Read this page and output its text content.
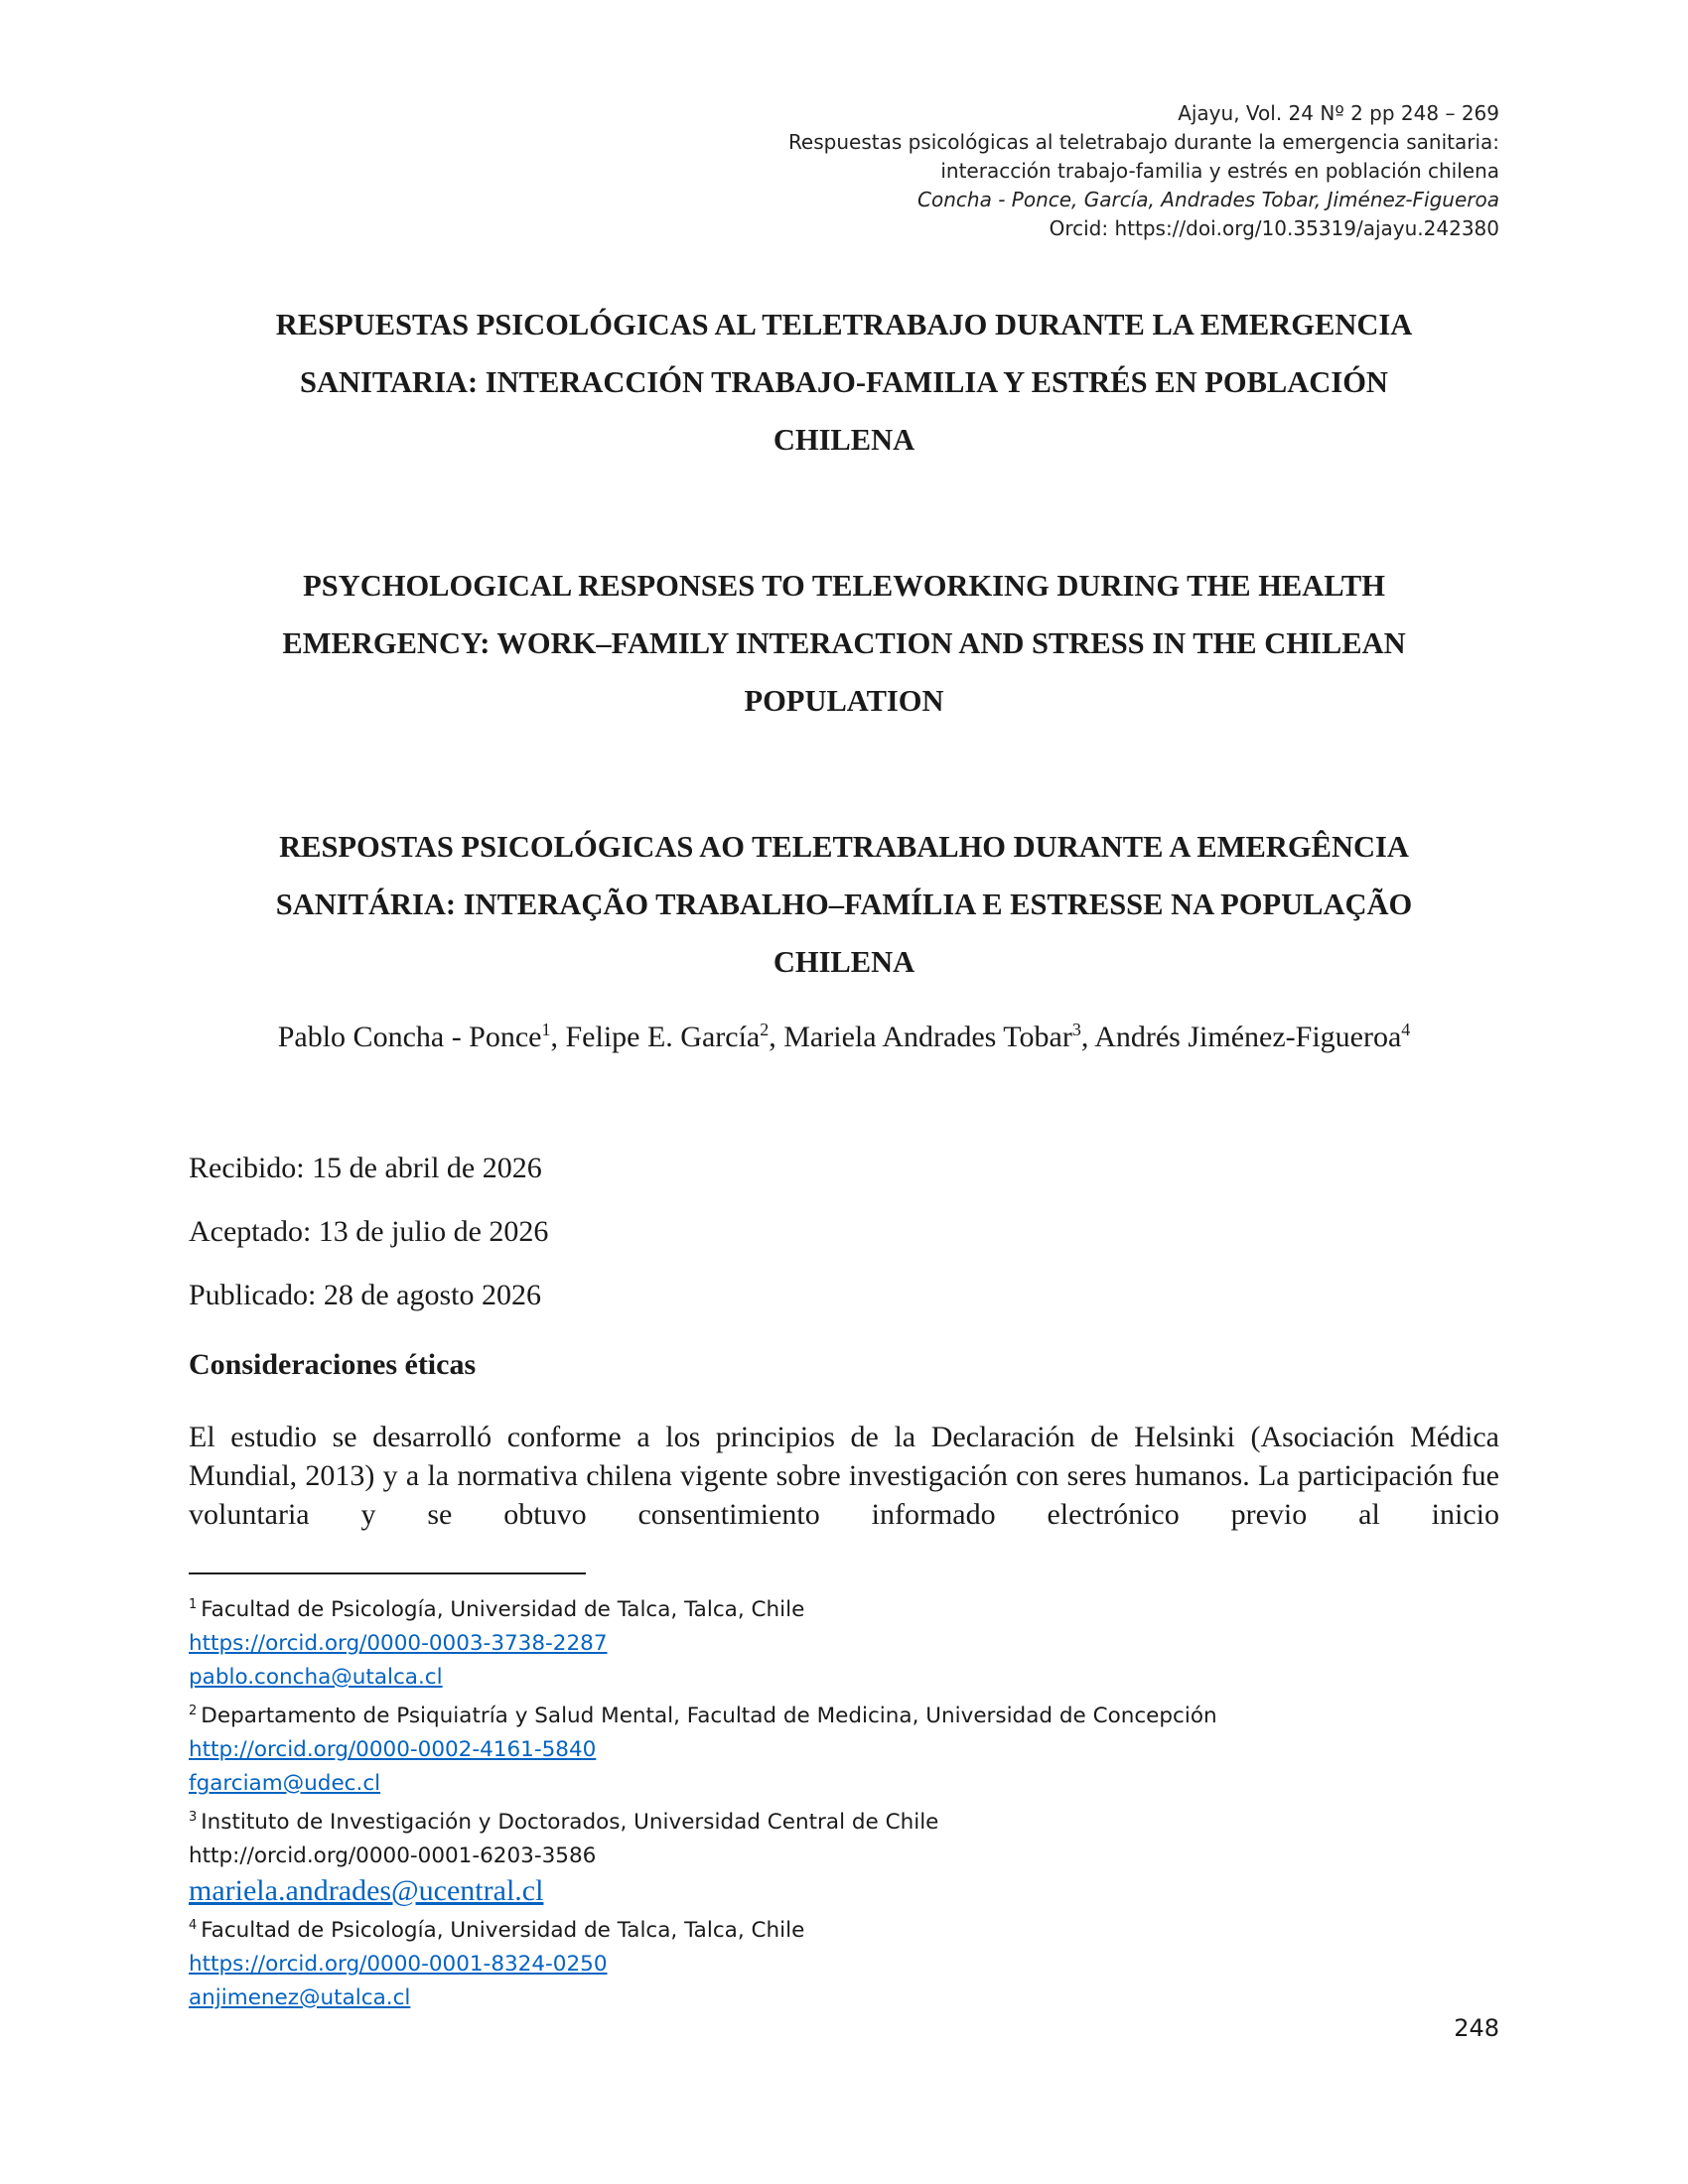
Ajayu, Vol. 24 Nº 2 pp 248 – 269
Respuestas psicológicas al teletrabajo durante la emergencia sanitaria:
interacción trabajo-familia y estrés en población chilena
Concha - Ponce, García, Andrades Tobar, Jiménez-Figueroa
Orcid: https://doi.org/10.35319/ajayu.242380
RESPUESTAS PSICOLÓGICAS AL TELETRABAJO DURANTE LA EMERGENCIA
SANITARIA: INTERACCIÓN TRABAJO-FAMILIA Y ESTRÉS EN POBLACIÓN
CHILENA
PSYCHOLOGICAL RESPONSES TO TELEWORKING DURING THE HEALTH
EMERGENCY: WORK–FAMILY INTERACTION AND STRESS IN THE CHILEAN
POPULATION
RESPOSTAS PSICOLÓGICAS AO TELETRABALHO DURANTE A EMERGÊNCIA
SANITÁRIA: INTERAÇÃO TRABALHO–FAMÍLIA E ESTRESSE NA POPULAÇÃO
CHILENA
Pablo Concha - Ponce$^1$, Felipe E. García$^2$, Mariela Andrades Tobar$^3$, Andrés Jiménez-Figueroa$^4$
Recibido: 15 de abril de 2026
Aceptado: 13 de julio de 2026
Publicado: 28 de agosto 2026
Consideraciones éticas
El estudio se desarrolló conforme a los principios de la Declaración de Helsinki (Asociación Médica Mundial, 2013) y a la normativa chilena vigente sobre investigación con seres humanos. La participación fue voluntaria y se obtuvo consentimiento informado electrónico previo al inicio
$^1$ Facultad de Psicología, Universidad de Talca, Talca, Chile
https://orcid.org/0000-0003-3738-2287
pablo.concha@utalca.cl
$^2$ Departamento de Psiquiatría y Salud Mental, Facultad de Medicina, Universidad de Concepción
http://orcid.org/0000-0002-4161-5840
fgarciam@udec.cl
$^3$ Instituto de Investigación y Doctorados, Universidad Central de Chile
http://orcid.org/0000-0001-6203-3586
mariela.andrades@ucentral.cl
$^4$ Facultad de Psicología, Universidad de Talca, Talca, Chile
https://orcid.org/0000-0001-8324-0250
anjimenez@utalca.cl
248
